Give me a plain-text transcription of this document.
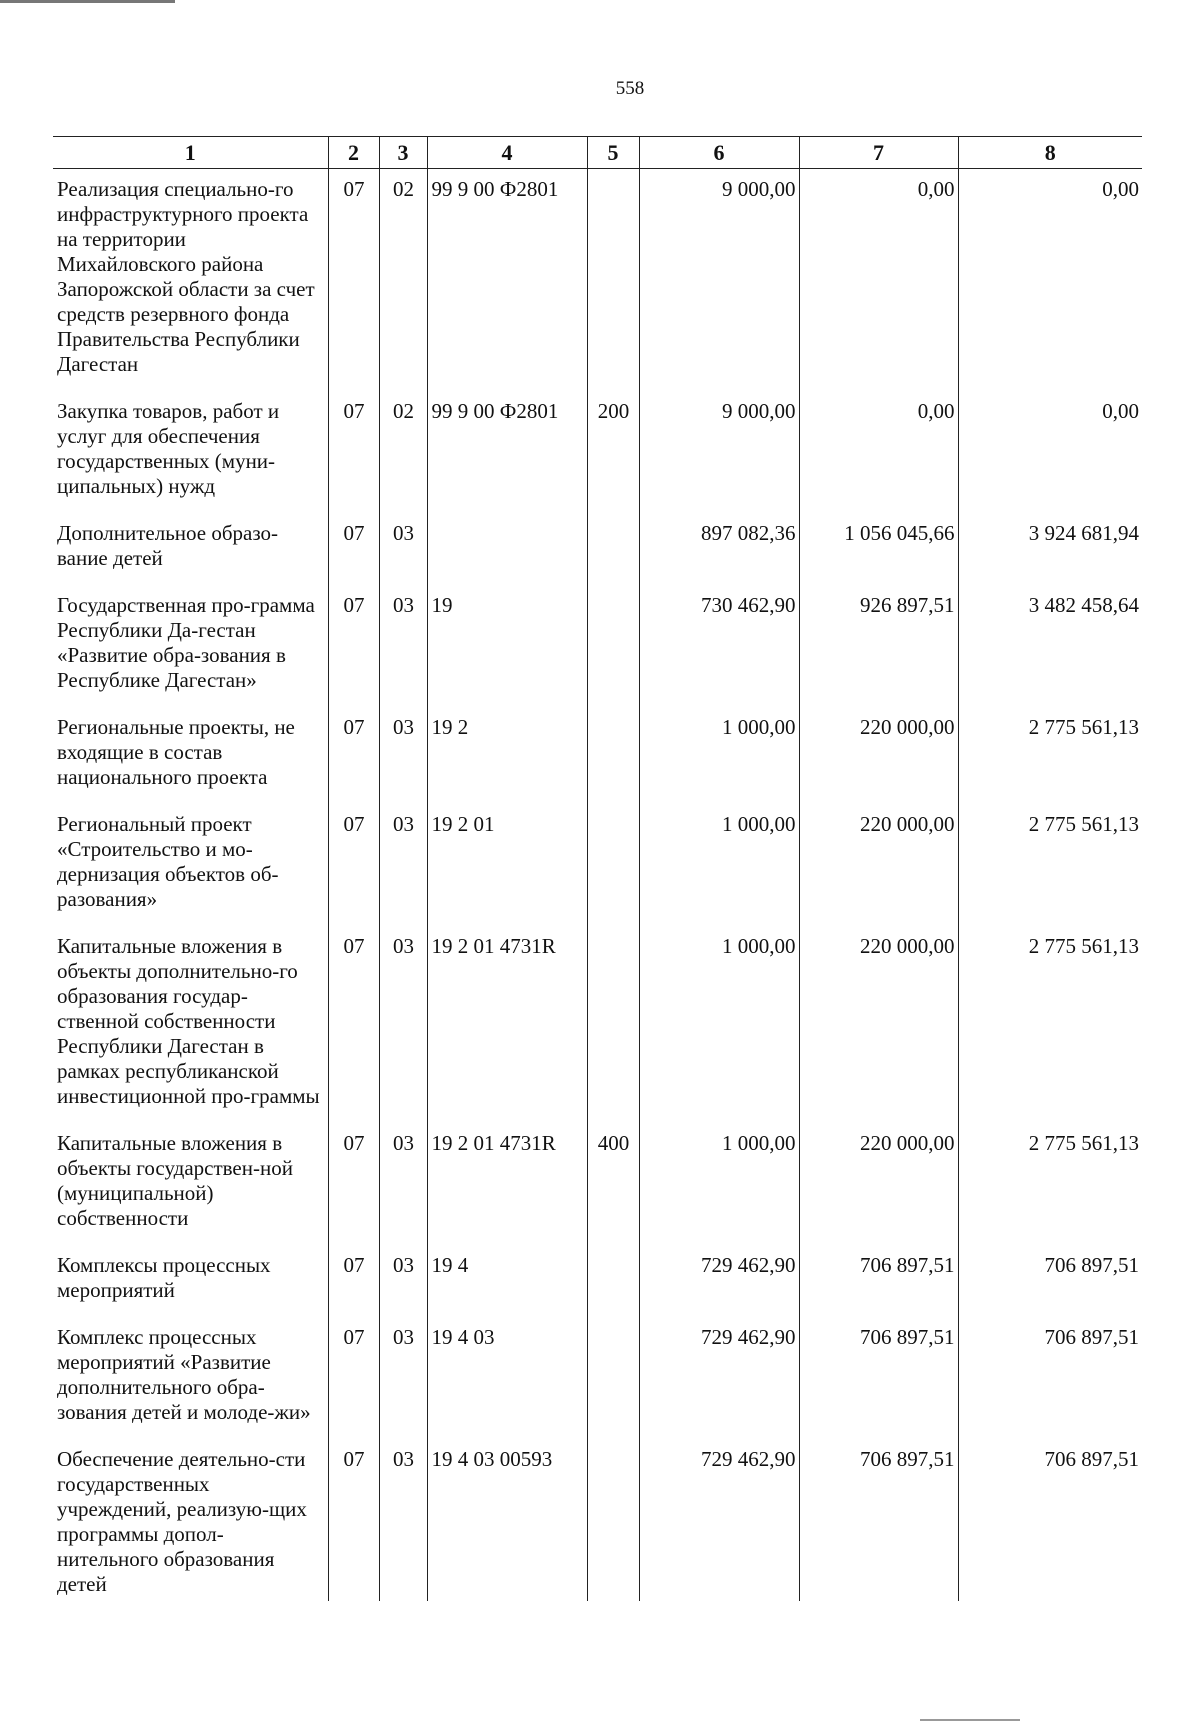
558
1	2	3	4	5	6	7	8
Реализация специально-го инфраструктурного проекта на территории Михайловского района Запорожской области за счет средств резервного фонда Правительства Республики Дагестан	07	02	99 9 00 Ф2801		9 000,00	0,00	0,00
Закупка товаров, работ и услуг для обеспечения государственных (муни-ципальных) нужд	07	02	99 9 00 Ф2801	200	9 000,00	0,00	0,00
Дополнительное образо-вание детей	07	03			897 082,36	1 056 045,66	3 924 681,94
Государственная про-грамма Республики Да-гестан «Развитие обра-зования в Республике Дагестан»	07	03	19		730 462,90	926 897,51	3 482 458,64
Региональные проекты, не входящие в состав национального проекта	07	03	19 2		1 000,00	220 000,00	2 775 561,13
Региональный проект «Строительство и мо-дернизация объектов об-разования»	07	03	19 2 01		1 000,00	220 000,00	2 775 561,13
Капитальные вложения в объекты дополнительно-го образования государ-ственной собственности Республики Дагестан в рамках республиканской инвестиционной про-граммы	07	03	19 2 01 4731R		1 000,00	220 000,00	2 775 561,13
Капитальные вложения в объекты государствен-ной (муниципальной) собственности	07	03	19 2 01 4731R	400	1 000,00	220 000,00	2 775 561,13
Комплексы процессных мероприятий	07	03	19 4		729 462,90	706 897,51	706 897,51
Комплекс процессных мероприятий «Развитие дополнительного обра-зования детей и молоде-жи»	07	03	19 4 03		729 462,90	706 897,51	706 897,51
Обеспечение деятельно-сти государственных учреждений, реализую-щих программы допол-нительного образования детей	07	03	19 4 03 00593		729 462,90	706 897,51	706 897,51
